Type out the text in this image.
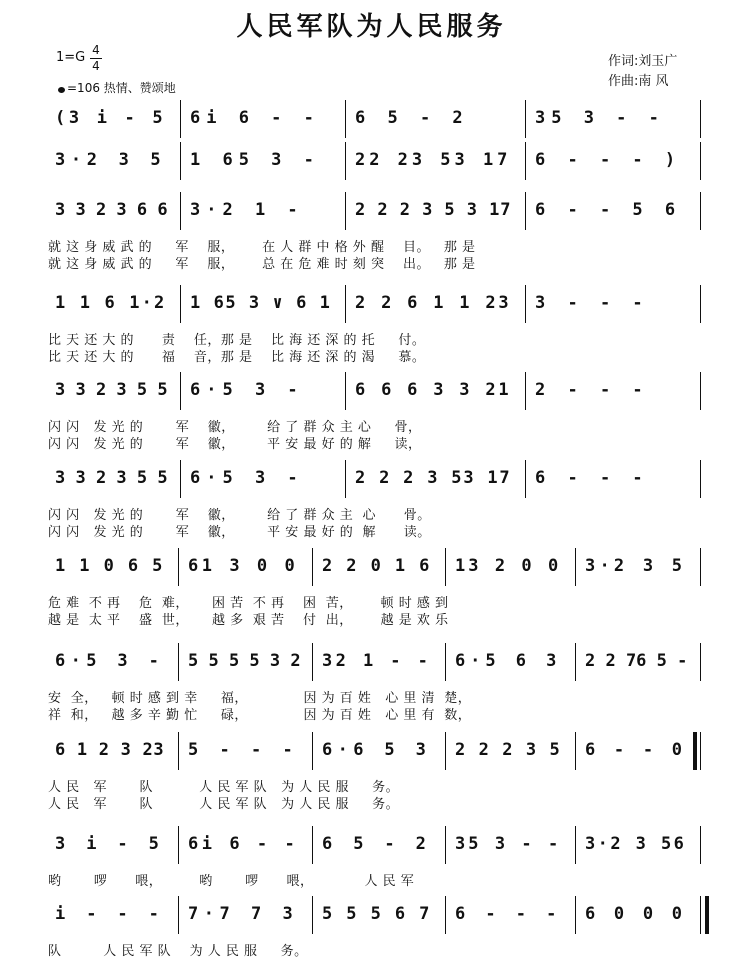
人民军队为人民服务
1=G 4
4
=106 热情、赞颂地
作词:刘玉广
作曲:南 风
(3 i - 5	6i 6 - -	6 5 - 2	35 3 - -
3·2 3 5	1 65 3 -	22 23 53 17	6 - - - )
3 3 2 3 6 6 3·2 1 -	2 2 2 3 5 3 17	6 - - 5 6
就 这 身 威 武 的     军    服，      在 人 群 中 格 外 醒    目。   那 是
就 这 身 威 武 的     军    服，      总 在 危 难 时 刻 突    出。   那 是
1 1 6 1·2	1 65 3 ∨ 6 1	2 2 6 1 1 23	3 - - -
比 天 还 大 的      责    任，那 是    比 海 还 深 的 托     付。
比 天 还 大 的      福    音，那 是    比 海 还 深 的 渴     慕。
3 3 2 3 5 5 6·5 3 -	6 6 6 3 3 21	2 - - -
闪 闪   发 光 的       军    徽，       给 了 群 众 主 心     骨，
闪 闪   发 光 的       军    徽，       平 安 最 好 的 解     读，
3 3 2 3 5 5 6·5 3 -	2 2 2 3 53 17	6 - - -
闪 闪   发 光 的       军    徽，       给 了 群 众 主  心      骨。
闪 闪   发 光 的       军    徽，       平 安 最 好 的  解      读。
1 1 0 6 5	61 3 0 0	2 2 0 1 6	13 2 0 0	3·2 3 5
危 难  不 再    危  难，     困 苦  不 再    困  苦，      顿 时 感 到
越 是  太 平    盛  世，     越 多  艰 苦    付  出，      越 是 欢 乐
6·5 3 -	5 5 5 5 3 2 32 1 - -	6·5 6 3	2 2 76 5 -
安  全，   顿 时 感 到 幸     福，            因 为 百 姓   心 里 清  楚，
祥  和，   越 多 辛 勤 忙     碌，            因 为 百 姓   心 里 有  数，
6 1 2 3 23	5 - - -	6·6 5 3	2 2 2 3 5	6 - - 0
人 民   军       队          人 民 军 队   为 人 民 服     务。
人 民   军       队          人 民 军 队   为 人 民 服     务。
3 i - 5	6i 6 - -	6 5 - 2	35 3 - -	3·2 3 56
哟       啰      喂，        哟       啰      喂，           人 民 军
i - - -	7·7 7 3	5 5 5 6 7	6 - - -	6 0 0 0
队         人 民 军 队    为 人 民 服     务。
